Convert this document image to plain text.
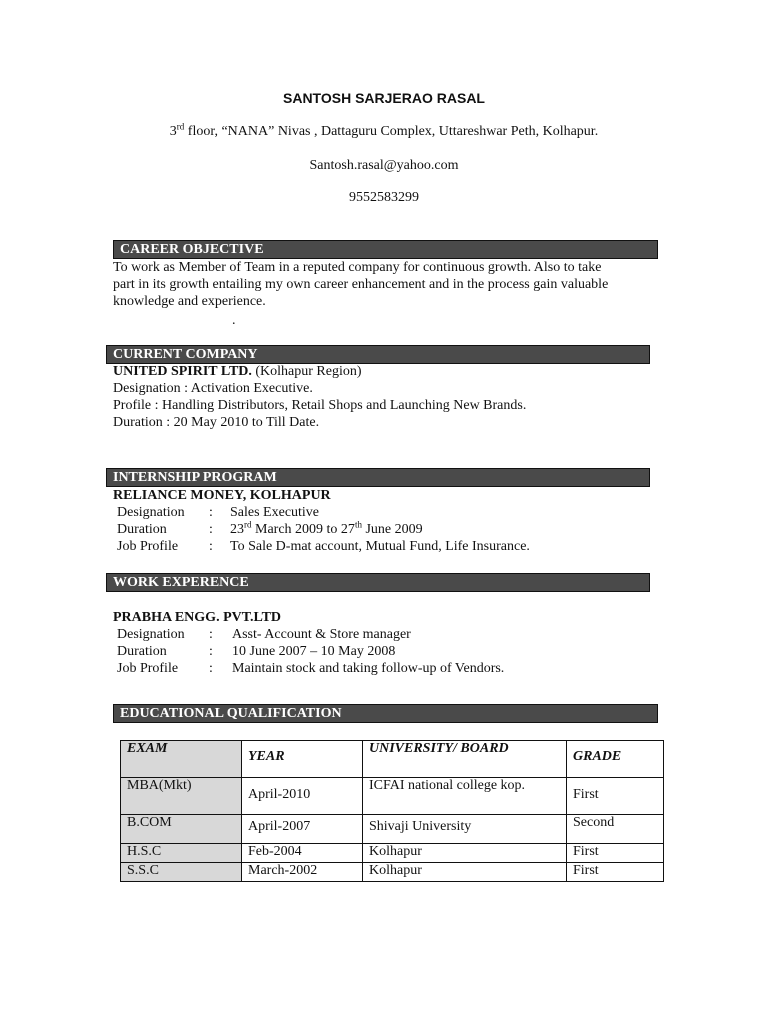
SANTOSH SARJERAO RASAL
3rd floor, “NANA” Nivas , Dattaguru Complex, Uttareshwar Peth, Kolhapur.
Santosh.rasal@yahoo.com
9552583299
CAREER OBJECTIVE
To work as Member of Team in a reputed company for continuous growth. Also to take
part in its growth entailing my own career enhancement and in the process gain valuable
knowledge and experience.
.
CURRENT COMPANY
UNITED SPIRIT LTD. (Kolhapur Region)
Designation : Activation Executive.
Profile : Handling Distributors, Retail Shops and Launching New Brands.
Duration : 20 May 2010 to Till Date.
INTERNSHIP PROGRAM
RELIANCE MONEY, KOLHAPUR
Designation : Sales Executive
Duration	: 23rd March 2009 to 27th June 2009
Job Profile : To Sale D-mat account, Mutual Fund, Life Insurance.
WORK EXPERENCE
PRABHA ENGG. PVT.LTD
Designation : Asst- Account & Store manager
Duration	: 10 June 2007 – 10 May 2008
Job Profile : Maintain stock and taking follow-up of Vendors.
EDUCATIONAL QUALIFICATION
EXAM	YEAR	UNIVERSITY/ BOARD	GRADE
MBA(Mkt)	April-2010	ICFAI national college kop.	First
B.COM	April-2007	Shivaji University	Second
H.S.C	Feb-2004	Kolhapur	First
S.S.C	March-2002	Kolhapur	First
